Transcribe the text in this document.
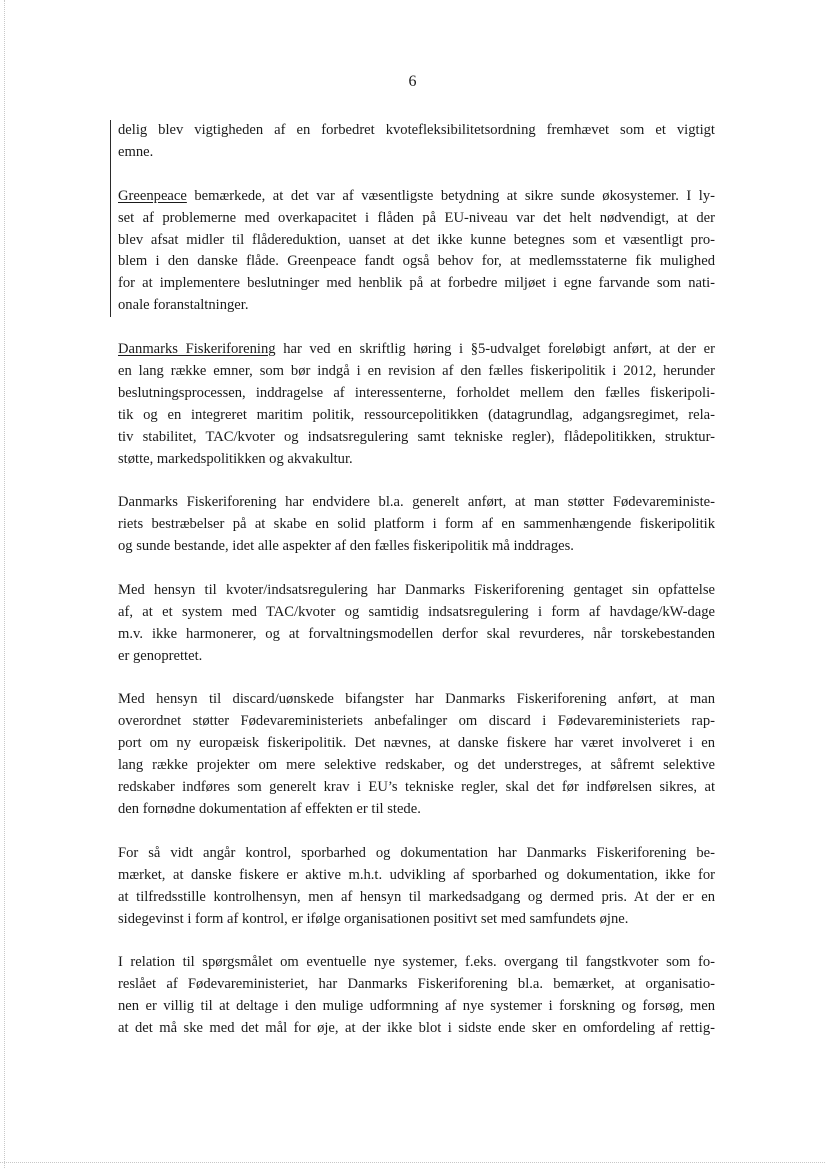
6
delig blev vigtigheden af en forbedret kvotefleksibilitetsordning fremhævet som et vigtigt
emne.
Greenpeace bemærkede, at det var af væsentligste betydning at sikre sunde økosystemer. I ly-
set af problemerne med overkapacitet i flåden på EU-niveau var det helt nødvendigt, at der
blev afsat midler til flådereduktion, uanset at det ikke kunne betegnes som et væsentligt pro-
blem i den danske flåde. Greenpeace fandt også behov for, at medlemsstaterne fik mulighed
for at implementere beslutninger med henblik på at forbedre miljøet i egne farvande som nati-
onale foranstaltninger.
Danmarks Fiskeriforening har ved en skriftlig høring i §5-udvalget foreløbigt anført, at der er
en lang række emner, som bør indgå i en revision af den fælles fiskeripolitik i 2012, herunder
beslutningsprocessen, inddragelse af interessenterne, forholdet mellem den fælles fiskeripoli-
tik og en integreret maritim politik, ressourcepolitikken (datagrundlag, adgangsregimet, rela-
tiv stabilitet, TAC/kvoter og indsatsregulering samt tekniske regler), flådepolitikken, struktur-
støtte, markedspolitikken og akvakultur.
Danmarks Fiskeriforening har endvidere bl.a. generelt anført, at man støtter Fødevareministe-
riets bestræbelser på at skabe en solid platform i form af en sammenhængende fiskeripolitik
og sunde bestande, idet alle aspekter af den fælles fiskeripolitik må inddrages.
Med hensyn til kvoter/indsatsregulering har Danmarks Fiskeriforening gentaget sin opfattelse
af, at et system med TAC/kvoter og samtidig indsatsregulering i form af havdage/kW-dage
m.v. ikke harmonerer, og at forvaltningsmodellen derfor skal revurderes, når torskebestanden
er genoprettet.
Med hensyn til discard/uønskede bifangster har Danmarks Fiskeriforening anført, at man
overordnet støtter Fødevareministeriets anbefalinger om discard i Fødevareministeriets rap-
port om ny europæisk fiskeripolitik. Det nævnes, at danske fiskere har været involveret i en
lang række projekter om mere selektive redskaber, og det understreges, at såfremt selektive
redskaber indføres som generelt krav i EU’s tekniske regler, skal det før indførelsen sikres, at
den fornødne dokumentation af effekten er til stede.
For så vidt angår kontrol, sporbarhed og dokumentation har Danmarks Fiskeriforening be-
mærket, at danske fiskere er aktive m.h.t. udvikling af sporbarhed og dokumentation, ikke for
at tilfredsstille kontrolhensyn, men af hensyn til markedsadgang og dermed pris. At der er en
sidegevinst i form af kontrol, er ifølge organisationen positivt set med samfundets øjne.
I relation til spørgsmålet om eventuelle nye systemer, f.eks. overgang til fangstkvoter som fo-
reslået af Fødevareministeriet, har Danmarks Fiskeriforening bl.a. bemærket, at organisatio-
nen er villig til at deltage i den mulige udformning af nye systemer i forskning og forsøg, men
at det må ske med det mål for øje, at der ikke blot i sidste ende sker en omfordeling af rettig-
